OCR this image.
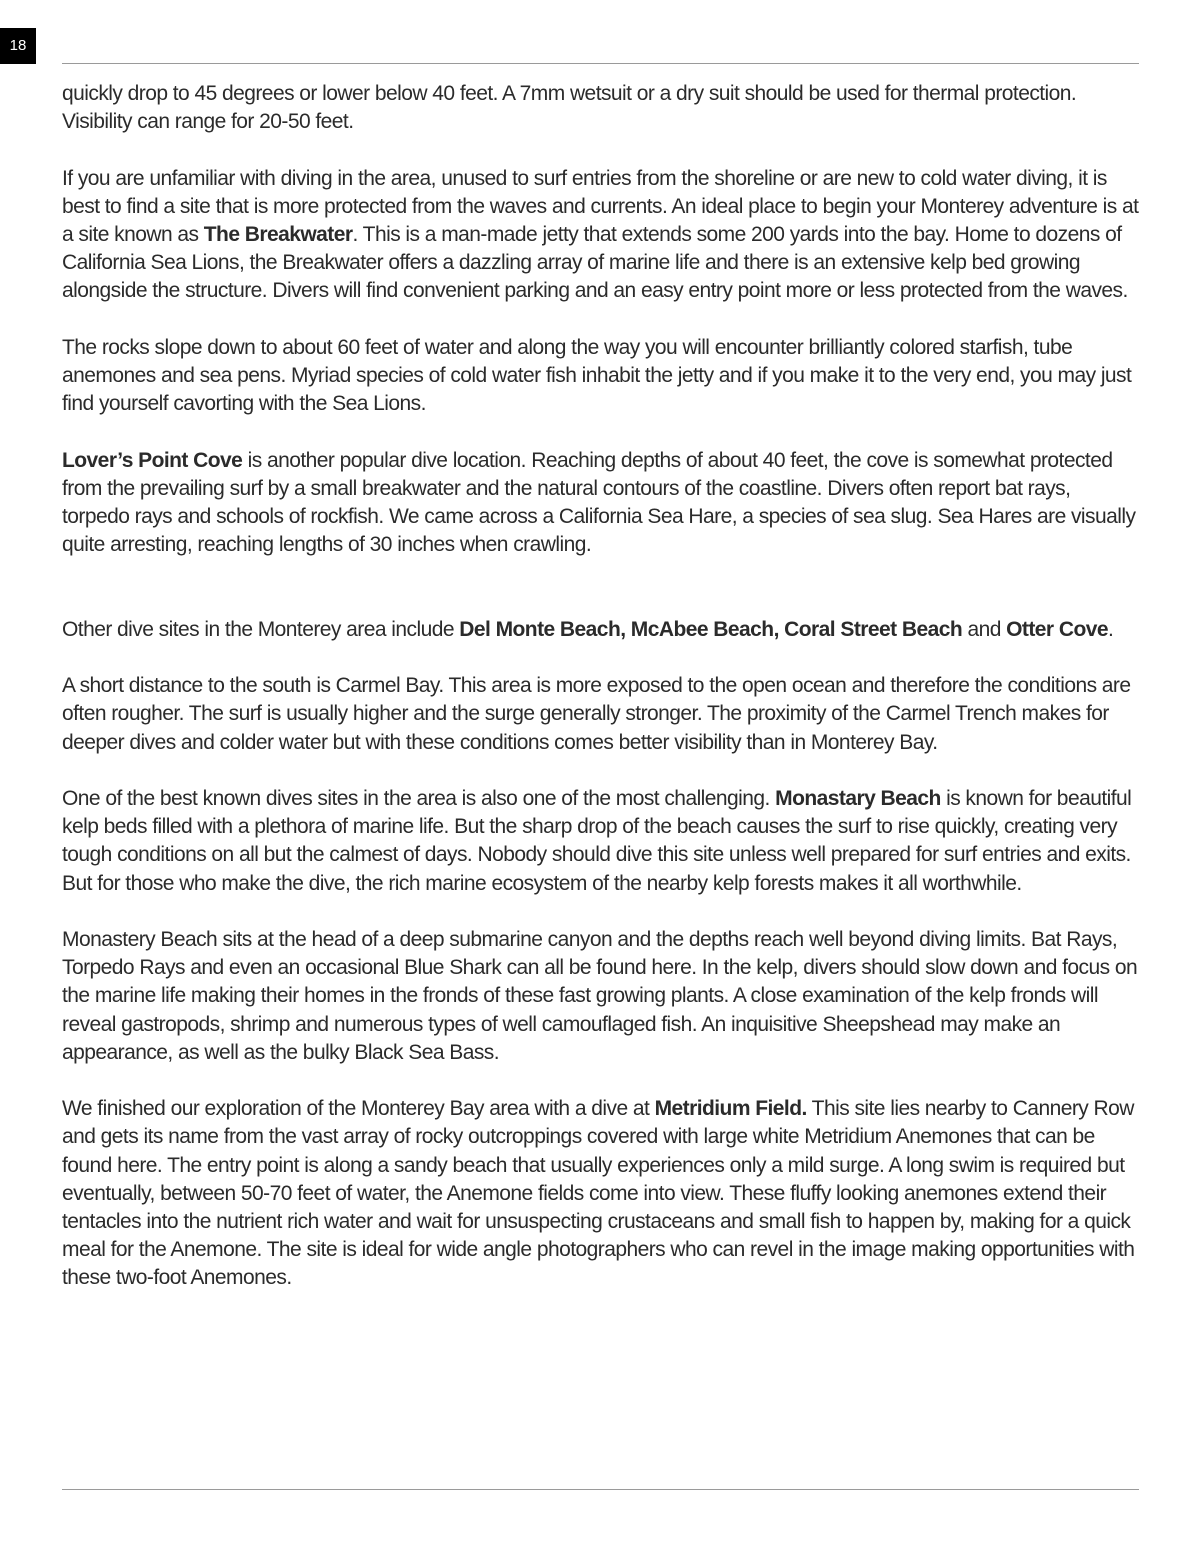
18

quickly drop to 45 degrees or lower below 40 feet. A 7mm wetsuit or a dry suit should be used for thermal protection. Visibility can range for 20-50 feet.

If you are unfamiliar with diving in the area, unused to surf entries from the shoreline or are new to cold water diving, it is best to find a site that is more protected from the waves and currents. An ideal place to begin your Monterey adventure is at a site known as The Breakwater. This is a man-made jetty that extends some 200 yards into the bay. Home to dozens of California Sea Lions, the Breakwater offers a dazzling array of marine life and there is an extensive kelp bed growing alongside the structure. Divers will find convenient parking and an easy entry point more or less protected from the waves.

The rocks slope down to about 60 feet of water and along the way you will encounter brilliantly colored starfish, tube anemones and sea pens. Myriad species of cold water fish inhabit the jetty and if you make it to the very end, you may just find yourself cavorting with the Sea Lions.

Lover’s Point Cove is another popular dive location. Reaching depths of about 40 feet, the cove is somewhat protected from the prevailing surf by a small breakwater and the natural contours of the coastline. Divers often report bat rays, torpedo rays and schools of rockfish. We came across a California Sea Hare, a species of sea slug. Sea Hares are visually quite arresting, reaching lengths of 30 inches when crawling.

Other dive sites in the Monterey area include Del Monte Beach, McAbee Beach, Coral Street Beach and Otter Cove.

A short distance to the south is Carmel Bay. This area is more exposed to the open ocean and therefore the conditions are often rougher. The surf is usually higher and the surge generally stronger. The proximity of the Carmel Trench makes for deeper dives and colder water but with these conditions comes better visibility than in Monterey Bay.

One of the best known dives sites in the area is also one of the most challenging. Monastary Beach is known for beautiful kelp beds filled with a plethora of marine life. But the sharp drop of the beach causes the surf to rise quickly, creating very tough conditions on all but the calmest of days. Nobody should dive this site unless well prepared for surf entries and exits. But for those who make the dive, the rich marine ecosystem of the nearby kelp forests makes it all worthwhile.

Monastery Beach sits at the head of a deep submarine canyon and the depths reach well beyond diving limits. Bat Rays, Torpedo Rays and even an occasional Blue Shark can all be found here. In the kelp, divers should slow down and focus on the marine life making their homes in the fronds of these fast growing plants. A close examination of the kelp fronds will reveal gastropods, shrimp and numerous types of well camouflaged fish. An inquisitive Sheepshead may make an appearance, as well as the bulky Black Sea Bass.

We finished our exploration of the Monterey Bay area with a dive at Metridium Field. This site lies nearby to Cannery Row and gets its name from the vast array of rocky outcroppings covered with large white Metridium Anemones that can be found here. The entry point is along a sandy beach that usually experiences only a mild surge. A long swim is required but eventually, between 50-70 feet of water, the Anemone fields come into view. These fluffy looking anemones extend their tentacles into the nutrient rich water and wait for unsuspecting crustaceans and small fish to happen by, making for a quick meal for the Anemone. The site is ideal for wide angle photographers who can revel in the image making opportunities with these two-foot Anemones.
